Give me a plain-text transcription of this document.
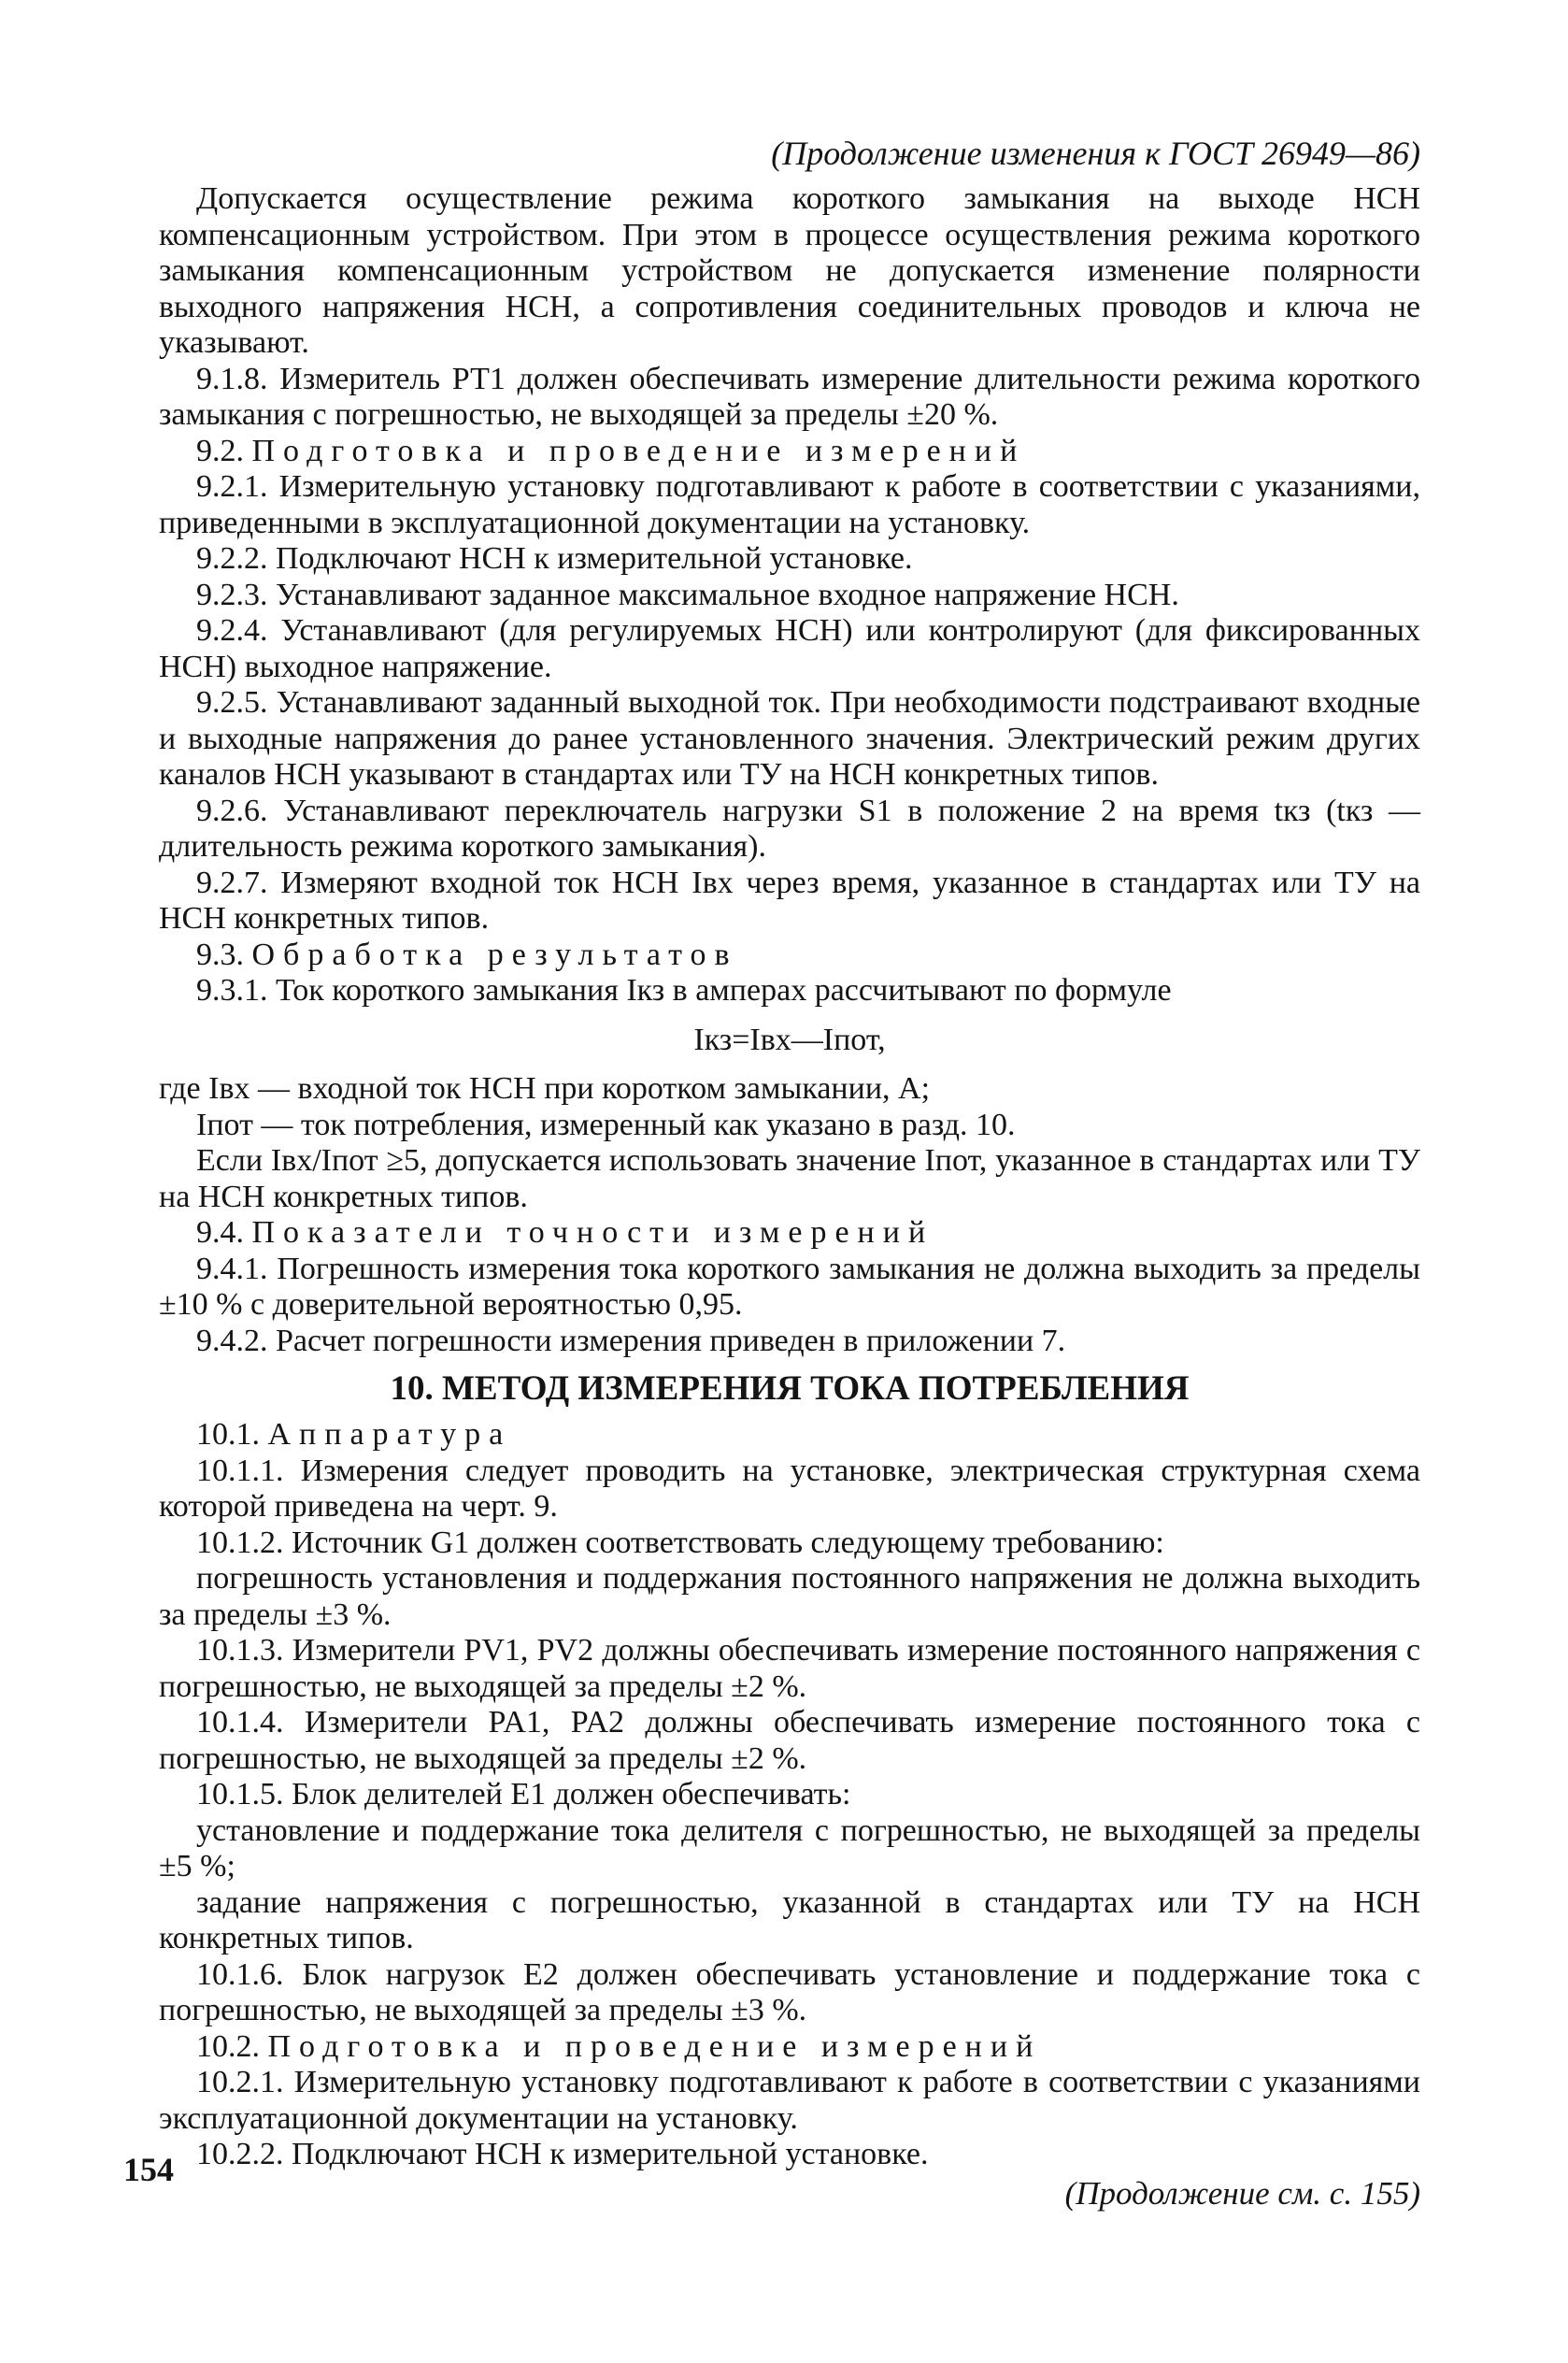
(Продолжение изменения к ГОСТ 26949—86)

Допускается осуществление режима короткого замыкания на выходе НСН компенсационным устройством. При этом в процессе осуществления режима короткого замыкания компенсационным устройством не допускается изменение полярности выходного напряжения НСН, а сопротивления соединительных проводов и ключа не указывают.

9.1.8. Измеритель РТ1 должен обеспечивать измерение длительности режима короткого замыкания с погрешностью, не выходящей за пределы ±20 %.

9.2. Подготовка и проведение измерений

9.2.1. Измерительную установку подготавливают к работе в соответствии с указаниями, приведенными в эксплуатационной документации на установку.

9.2.2. Подключают НСН к измерительной установке.

9.2.3. Устанавливают заданное максимальное входное напряжение НСН.

9.2.4. Устанавливают (для регулируемых НСН) или контролируют (для фиксированных НСН) выходное напряжение.

9.2.5. Устанавливают заданный выходной ток. При необходимости подстраивают входные и выходные напряжения до ранее установленного значения. Электрический режим других каналов НСН указывают в стандартах или ТУ на НСН конкретных типов.

9.2.6. Устанавливают переключатель нагрузки S1 в положение 2 на время tкз (tкз — длительность режима короткого замыкания).

9.2.7. Измеряют входной ток НСН Iвх через время, указанное в стандартах или ТУ на НСН конкретных типов.

9.3. Обработка результатов

9.3.1. Ток короткого замыкания Iкз в амперах рассчитывают по формуле

Iкз=Iвх—Iпот,

где Iвх — входной ток НСН при коротком замыкании, А;

Iпот — ток потребления, измеренный как указано в разд. 10.

Если Iвх/Iпот ≥5, допускается использовать значение Iпот, указанное в стандартах или ТУ на НСН конкретных типов.

9.4. Показатели точности измерений

9.4.1. Погрешность измерения тока короткого замыкания не должна выходить за пределы ±10 % с доверительной вероятностью 0,95.

9.4.2. Расчет погрешности измерения приведен в приложении 7.

10. МЕТОД ИЗМЕРЕНИЯ ТОКА ПОТРЕБЛЕНИЯ

10.1. Аппаратура

10.1.1. Измерения следует проводить на установке, электрическая структурная схема которой приведена на черт. 9.

10.1.2. Источник G1 должен соответствовать следующему требованию:

погрешность установления и поддержания постоянного напряжения не должна выходить за пределы ±3 %.

10.1.3. Измерители PV1, PV2 должны обеспечивать измерение постоянного напряжения с погрешностью, не выходящей за пределы ±2 %.

10.1.4. Измерители PA1, PA2 должны обеспечивать измерение постоянного тока с погрешностью, не выходящей за пределы ±2 %.

10.1.5. Блок делителей E1 должен обеспечивать:

установление и поддержание тока делителя с погрешностью, не выходящей за пределы ±5 %;

задание напряжения с погрешностью, указанной в стандартах или ТУ на НСН конкретных типов.

10.1.6. Блок нагрузок E2 должен обеспечивать установление и поддержание тока с погрешностью, не выходящей за пределы ±3 %.

10.2. Подготовка и проведение измерений

10.2.1. Измерительную установку подготавливают к работе в соответствии с указаниями эксплуатационной документации на установку.

10.2.2. Подключают НСН к измерительной установке.

(Продолжение см. с. 155)

154
